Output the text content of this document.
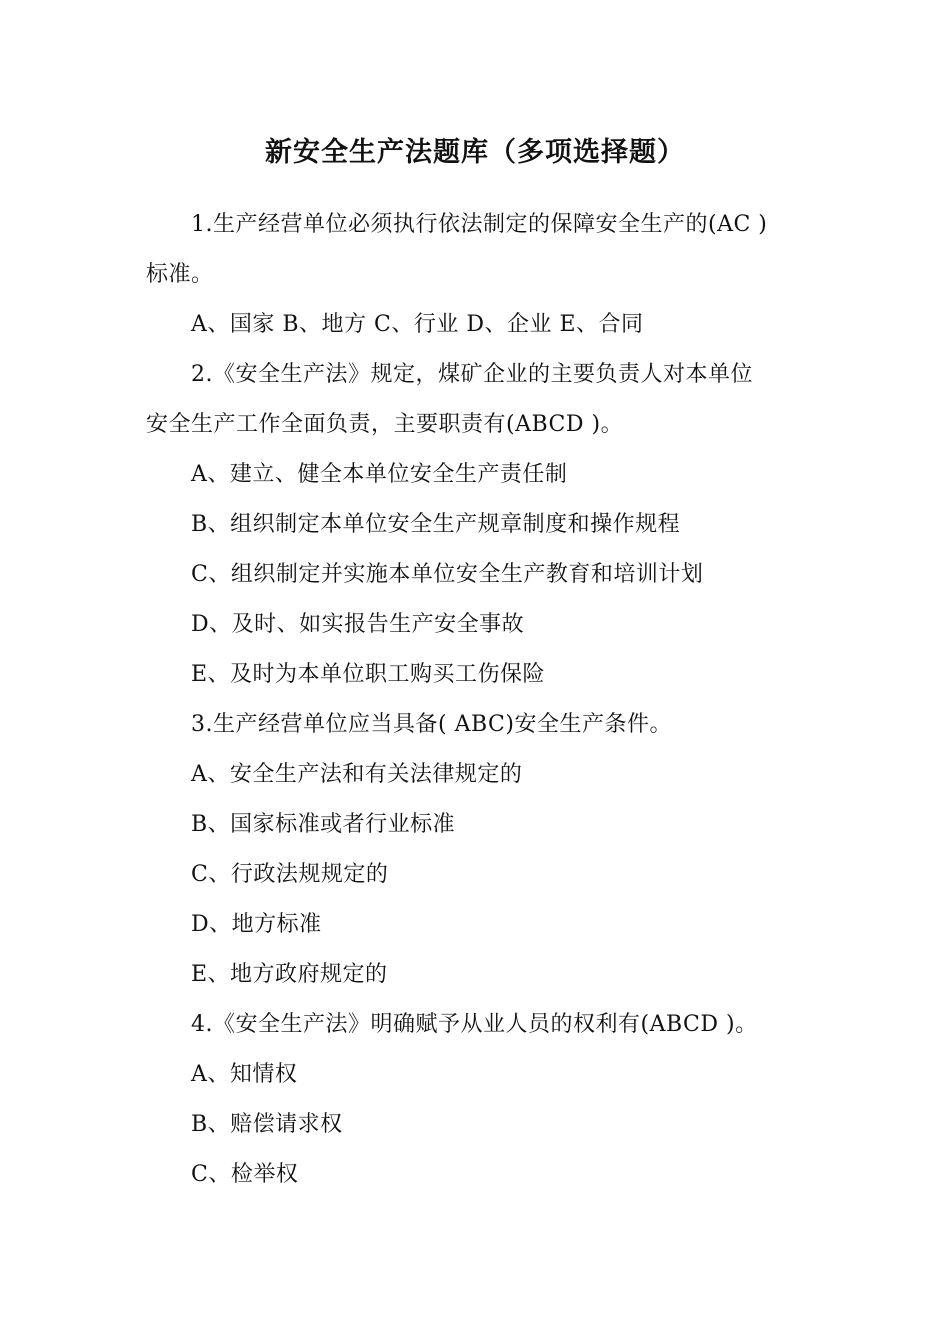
新安全生产法题库（多项选择题）
1.生产经营单位必须执行依法制定的保障安全生产的(AC )
标准。
A、国家 B、地方 C、行业 D、企业 E、合同
2.《安全生产法》规定，煤矿企业的主要负责人对本单位
安全生产工作全面负责，主要职责有(ABCD )。
A、建立、健全本单位安全生产责任制
B、组织制定本单位安全生产规章制度和操作规程
C、组织制定并实施本单位安全生产教育和培训计划
D、及时、如实报告生产安全事故
E、及时为本单位职工购买工伤保险
3.生产经营单位应当具备( ABC)安全生产条件。
A、安全生产法和有关法律规定的
B、国家标准或者行业标准
C、行政法规规定的
D、地方标准
E、地方政府规定的
4.《安全生产法》明确赋予从业人员的权利有(ABCD )。
A、知情权
B、赔偿请求权
C、检举权
